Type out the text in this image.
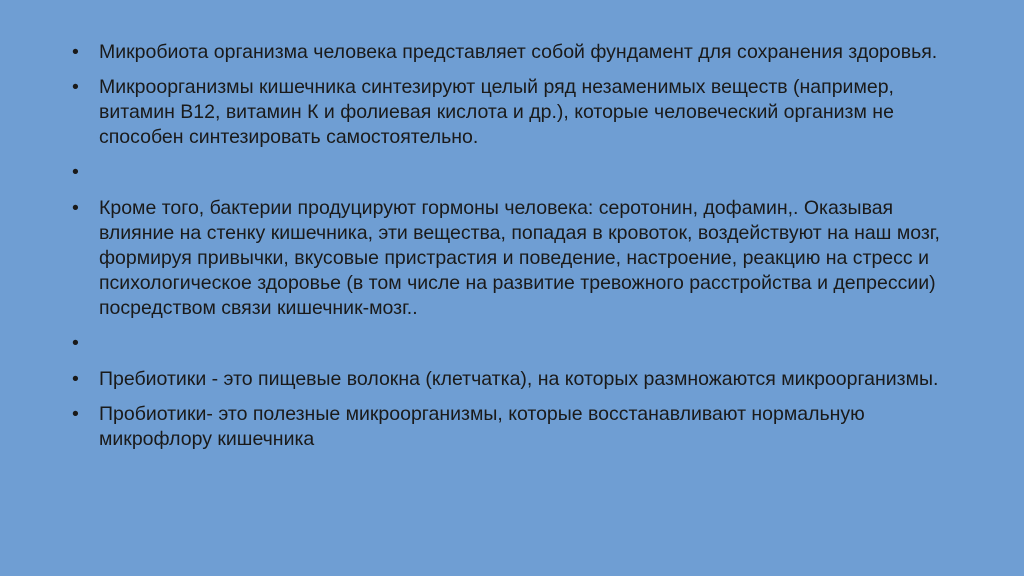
•	Микробиота организма человека представляет собой фундамент для сохранения здоровья.
•	Микроорганизмы кишечника синтезируют целый ряд незаменимых веществ (например, витамин В12, витамин К и фолиевая кислота и др.), которые человеческий организм не способен синтезировать самостоятельно.
•
•	Кроме того, бактерии продуцируют гормоны человека: серотонин, дофамин,. Оказывая влияние на стенку кишечника, эти вещества, попадая в кровоток, воздействуют на наш мозг, формируя привычки, вкусовые пристрастия и поведение, настроение, реакцию на стресс и психологическое здоровье (в том числе на развитие тревожного расстройства и депрессии) посредством связи кишечник-мозг..
•
•	Пребиотики - это пищевые волокна (клетчатка), на которых размножаются микроорганизмы.
•	Пробиотики- это полезные микроорганизмы, которые восстанавливают нормальную микрофлору кишечника
